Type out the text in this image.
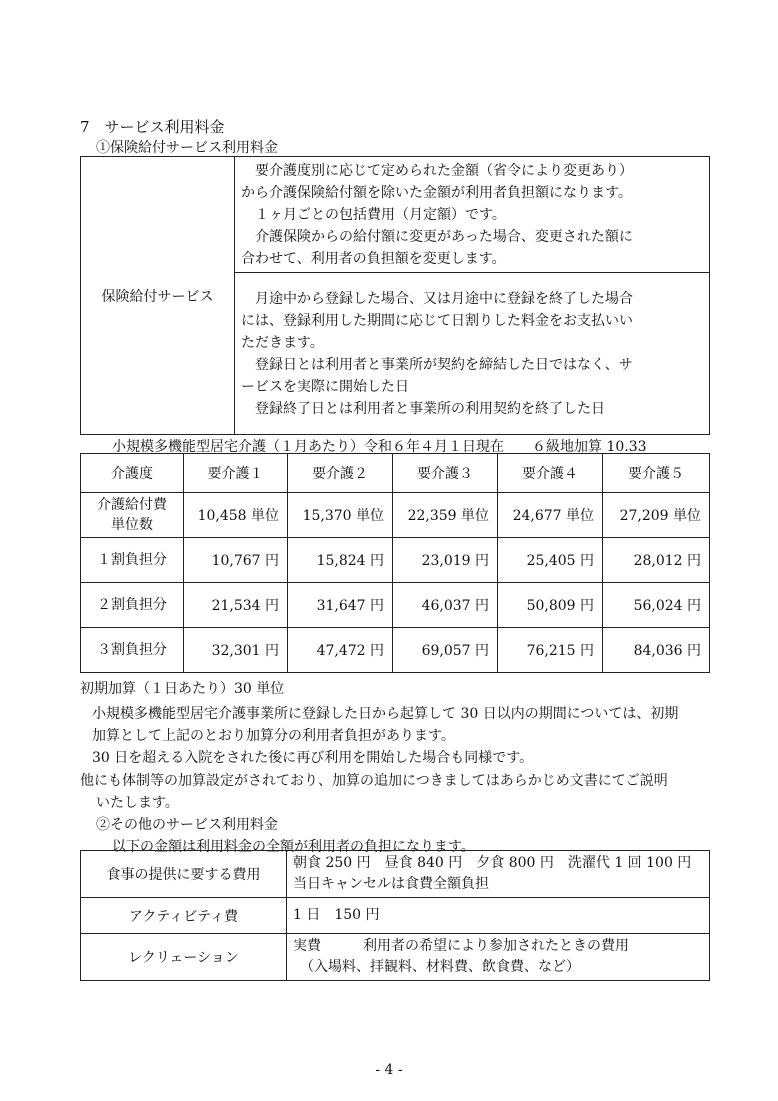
7　サービス利用料金
①保険給付サービス利用料金
保険給付サービス	
　要介護度別に応じて定められた金額（省令により変更あり）
から介護保険給付額を除いた金額が利用者負担額になります。
　１ヶ月ごとの包括費用（月定額）です。
　介護保険からの給付額に変更があった場合、変更された額に
合わせて、利用者の負担額を変更します。

　月途中から登録した場合、又は月途中に登録を終了した場合
には、登録利用した期間に応じて日割りした料金をお支払いい
ただきます。
　登録日とは利用者と事業所が契約を締結した日ではなく、サ
ービスを実際に開始した日
　登録終了日とは利用者と事業所の利用契約を終了した日
小規模多機能型居宅介護（１月あたり）令和６年４月１日現在　　６級地加算 10.33
介護度	要介護１	要介護２	要介護３	要介護４	要介護５

介護給付費
単位数	10,458 単位	15,370 単位	22,359 単位	24,677 単位	27,209 単位
１割負担分	10,767 円	15,824 円	23,019 円	25,405 円	28,012 円
２割負担分	21,534 円	31,647 円	46,037 円	50,809 円	56,024 円
３割負担分	32,301 円	47,472 円	69,057 円	76,215 円	84,036 円
初期加算（１日あたり）30 単位
小規模多機能型居宅介護事業所に登録した日から起算して 30 日以内の期間については、初期
加算として上記のとおり加算分の利用者負担があります。
30 日を超える入院をされた後に再び利用を開始した場合も同様です。
他にも体制等の加算設定がされており、加算の追加につきましてはあらかじめ文書にてご説明
いたします。
②その他のサービス利用料金
以下の金額は利用料金の全額が利用者の負担になります。
食事の提供に要する費用	朝食 250 円　昼食 840 円　夕食 800 円　洗濯代 1 回 100 円
当日キャンセルは食費全額負担

アクティビティ費	1 日　150 円

レクリェーション	実費　　　利用者の希望により参加されたときの費用
　（入場料、拝観料、材料費、飲食費、など）
- 4 -
